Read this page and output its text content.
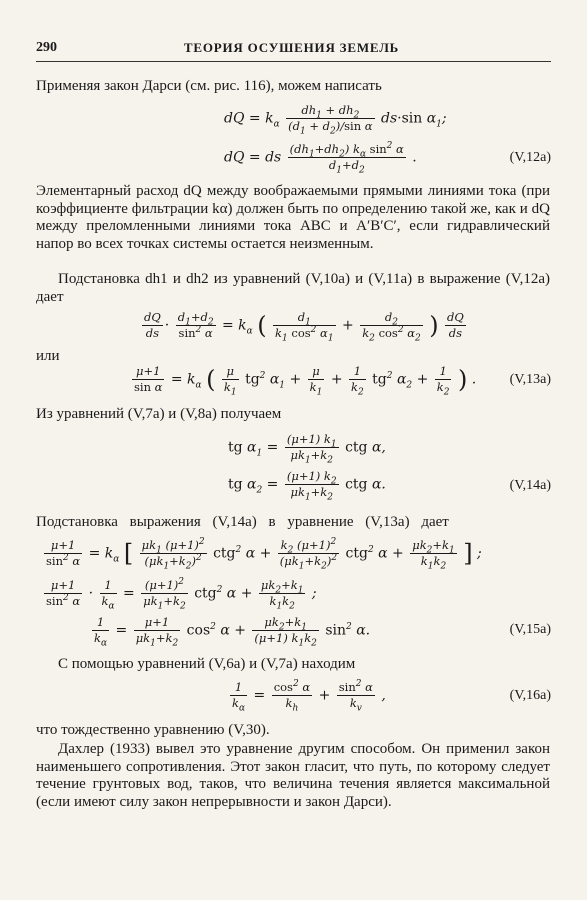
290	ТЕОРИЯ ОСУШЕНИЯ ЗЕМЕЛЬ

Применяя закон Дарси (см. рис. 116), можем написать

dQ = $k_\alpha \frac{dh_1 + dh_2}{(d_1 + d_2)/\sin \alpha} ds\cdot\sin$ $\alpha_1$;
dQ = ds $\frac{(dh_1+dh_2) k_\alpha \sin^2 \alpha}{d_1+d_2}$ .	(V,12а)

Элементарный расход dQ между воображаемыми прямыми линиями тока (при коэффициенте фильтрации kα) должен быть по определению такой же, как и dQ между преломленными линиями тока ABC и A′B′C′, если гидравлический напор во всех точках системы остается неизменным.

Подстановка dh1 и dh2 из уравнений (V,10а) и (V,11а) в выражение (V,12а) дает

$\frac{dQ}{ds} \cdot \frac{d_1+d_2}{\sin^2 \alpha} = k_\alpha$ ( $\frac{d_1}{k_1 \cos^2 \alpha_1} + \frac{d_2}{k_2 \cos^2 \alpha_2}$ ) $\frac{dQ}{ds}$
или
$\frac{\mu+1}{\text{sin α}} = k_\alpha$ ( $\frac{\mu}{k_1} tg^2$ $\alpha_1 + \frac{\mu}{k_1} + \frac{1}{k_2} tg^2$ $\alpha_2 + \frac{1}{k_2}$ ) . (V,13а)

Из уравнений (V,7а) и (V,8а) получаем

tg $\alpha_1 = \frac{(\mu+1) k_1}{\mu k_1+k_2}$ ctg α,
tg $\alpha_2 = \frac{(\mu+1) k_2}{\mu k_1+k_2}$ ctg α.	(V,14а)

Подстановка выражения (V,14а) в уравнение (V,13а) дает

$\frac{\mu+1}{\sin^2 \alpha} = k_\alpha$ [ $\frac{\mu k_1 (\mu+1)^2}{(\mu k_1+k_2)^2} ctg^2$ $\alpha + \frac{k_2 (\mu+1)^2}{(\mu k_1+k_2)^2} ctg^2$ $\alpha + \frac{\mu k_2+k_1}{k_1k_2}$ ] ;
$\frac{\mu+1}{\sin^2 \alpha} \cdot \frac{1}{k_\alpha} = \frac{(\mu+1)^2}{\mu k_1+k_2} ctg^2$ $\alpha + \frac{\mu k_2+k_1}{k_1k_2}$ ;
$\frac{1}{k_\alpha} = \frac{\mu+1}{\mu k_1+k_2} \cos^2 \alpha + \frac{\mu k_2+k_1}{(\mu+1) k_1k_2} \sin^2 \alpha$.	(V,15а)

С помощью уравнений (V,6а) и (V,7а) находим

$\frac{1}{k_\alpha} = \frac{\cos^2 \alpha}{k_h} + \frac{\sin^2 \alpha}{k_v}$ ,	(V,16а)

что тождественно уравнению (V,30).

Дахлер (1933) вывел это уравнение другим способом. Он применил закон наименьшего сопротивления. Этот закон гласит, что путь, по которому следует течение грунтовых вод, таков, что величина течения является максимальной (если имеют силу закон непрерывности и закон Дарси).
